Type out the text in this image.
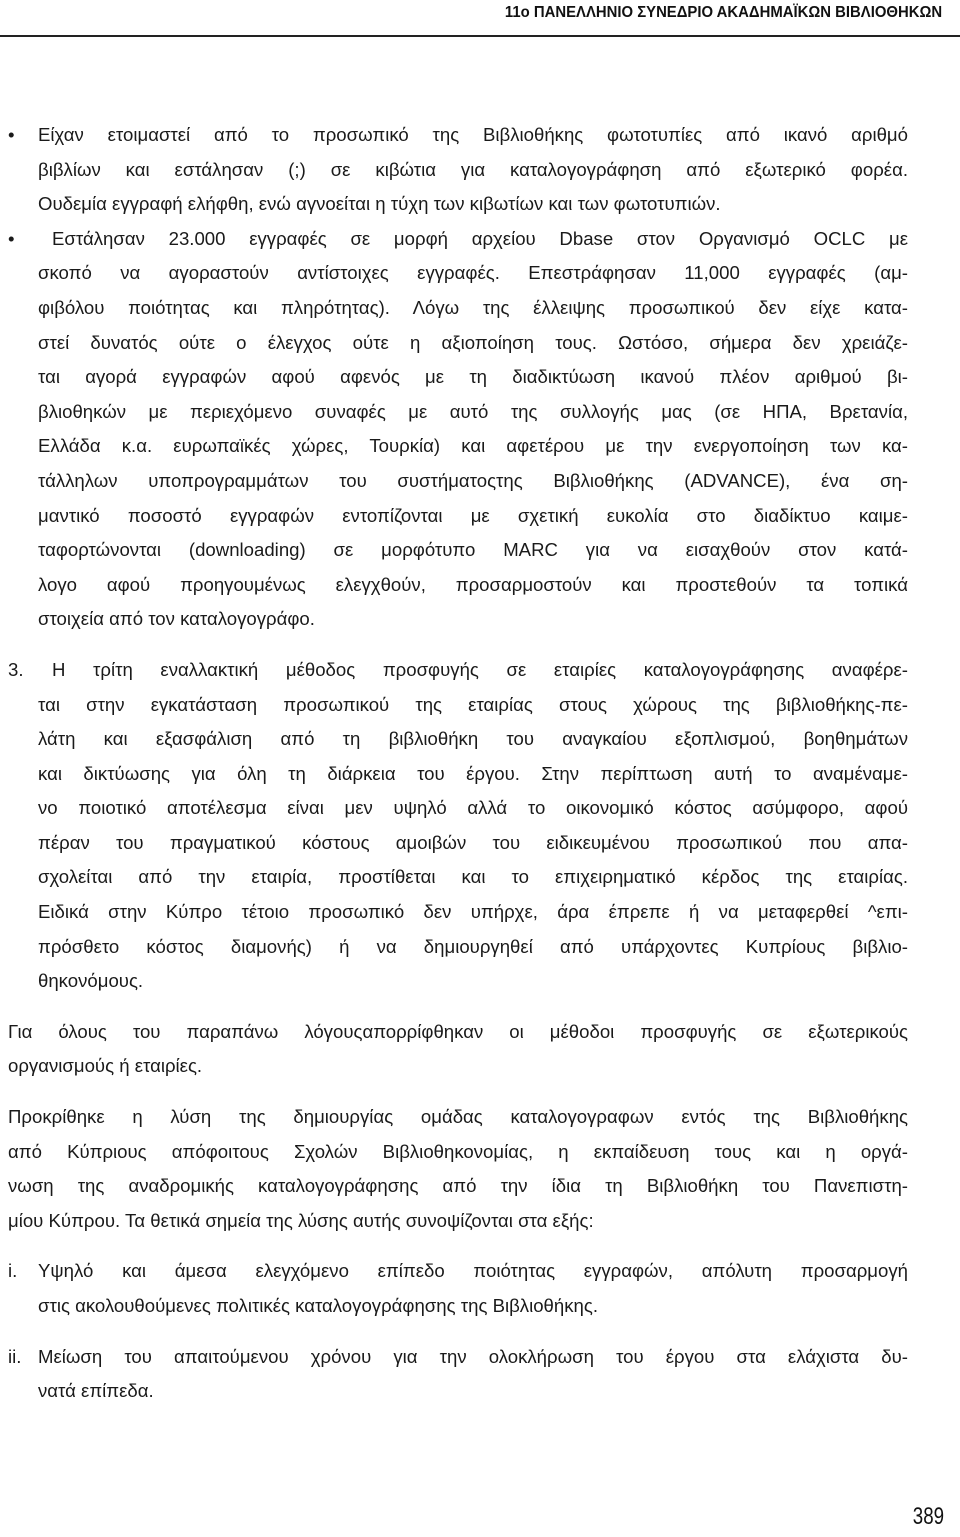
11ο ΠΑΝΕΛΛΗΝΙΟ ΣΥΝΕΔΡΙΟ ΑΚΑΔΗΜΑΪΚΩΝ ΒΙΒΛΙΟΘΗΚΩΝ
• Είχαν ετοιμαστεί από το προσωπικό της Βιβλιοθήκης φωτοτυπίες από ικανό αριθμό
βιβλίων και εστάλησαν (;) σε κιβώτια για καταλογογράφηση από εξωτερικό φορέα.
Ουδεμία εγγραφή ελήφθη, ενώ αγνοείται η τύχη των κιβωτίων και των φωτοτυπιών.
• Εστάλησαν 23.000 εγγραφές σε μορφή αρχείου Dbase στον Οργανισμό OCLC με
σκοπό να αγοραστούν αντίστοιχες εγγραφές. Επεστράφησαν 11,000 εγγραφές (αμ-
φιβόλου ποιότητας και πληρότητας). Λόγω της έλλειψης προσωπικού δεν είχε κατα-
στεί δυνατός ούτε ο έλεγχος ούτε η αξιοποίηση τους. Ωστόσο, σήμερα δεν χρειάζε-
ται αγορά εγγραφών αφού αφενός με τη διαδικτύωση ικανού πλέον αριθμού βι-
βλιοθηκών με περιεχόμενο συναφές με αυτό της συλλογής μας (σε ΗΠΑ, Βρετανία,
Ελλάδα κ.α. ευρωπαϊκές χώρες, Τουρκία) και αφετέρου με την ενεργοποίηση των κα-
τάλληλων υποπρογραμμάτων του συστήματοςτης Βιβλιοθήκης (ADVANCE), ένα ση-
μαντικό ποσοστό εγγραφών εντοπίζονται με σχετική ευκολία στο διαδίκτυο καιμε-
ταφορτώνονται (downloading) σε μορφότυπο MARC για να εισαχθούν στον κατά-
λογο αφού προηγουμένως ελεγχθούν, προσαρμοστούν και προστεθούν τα τοπικά
στοιχεία από τον καταλογογράφο.
3. Η τρίτη εναλλακτική μέθοδος προσφυγής σε εταιρίες καταλογογράφησης αναφέρε-
ται στην εγκατάσταση προσωπικού της εταιρίας στους χώρους της βιβλιοθήκης-πε-
λάτη και εξασφάλιση από τη βιβλιοθήκη του αναγκαίου εξοπλισμού, βοηθημάτων
και δικτύωσης για όλη τη διάρκεια του έργου. Στην περίπτωση αυτή το αναμέναμε-
νο ποιοτικό αποτέλεσμα είναι μεν υψηλό αλλά το οικονομικό κόστος ασύμφορο, αφού
πέραν του πραγματικού κόστους αμοιβών του ειδικευμένου προσωπικού που απα-
σχολείται από την εταιρία, προστίθεται και το επιχειρηματικό κέρδος της εταιρίας.
Ειδικά στην Κύπρο τέτοιο προσωπικό δεν υπήρχε, άρα έπρεπε ή να μεταφερθεί ^επι-
πρόσθετο κόστος διαμονής) ή να δημιουργηθεί από υπάρχοντες Κυπρίους βιβλιο-
θηκονόμους.
Για όλους του παραπάνω λόγουςαπορρίφθηκαν οι μέθοδοι προσφυγής σε εξωτερικούς
οργανισμούς ή εταιρίες.
Προκρίθηκε η λύση της δημιουργίας ομάδας καταλογογραφων εντός της Βιβλιοθήκης
από Κύπριους απόφοιτους Σχολών Βιβλιοθηκονομίας, η εκπαίδευση τους και η οργά-
νωση της αναδρομικής καταλογογράφησης από την ίδια τη Βιβλιοθήκη του Πανεπιστη-
μίου Κύπρου. Τα θετικά σημεία της λύσης αυτής συνοψίζονται στα εξής:
i. Υψηλό και άμεσα ελεγχόμενο επίπεδο ποιότητας εγγραφών, απόλυτη προσαρμογή
στις ακολουθούμενες πολιτικές καταλογογράφησης της Βιβλιοθήκης.
ii. Μείωση του απαιτούμενου χρόνου για την ολοκλήρωση του έργου στα ελάχιστα δυ-
νατά επίπεδα.
389
